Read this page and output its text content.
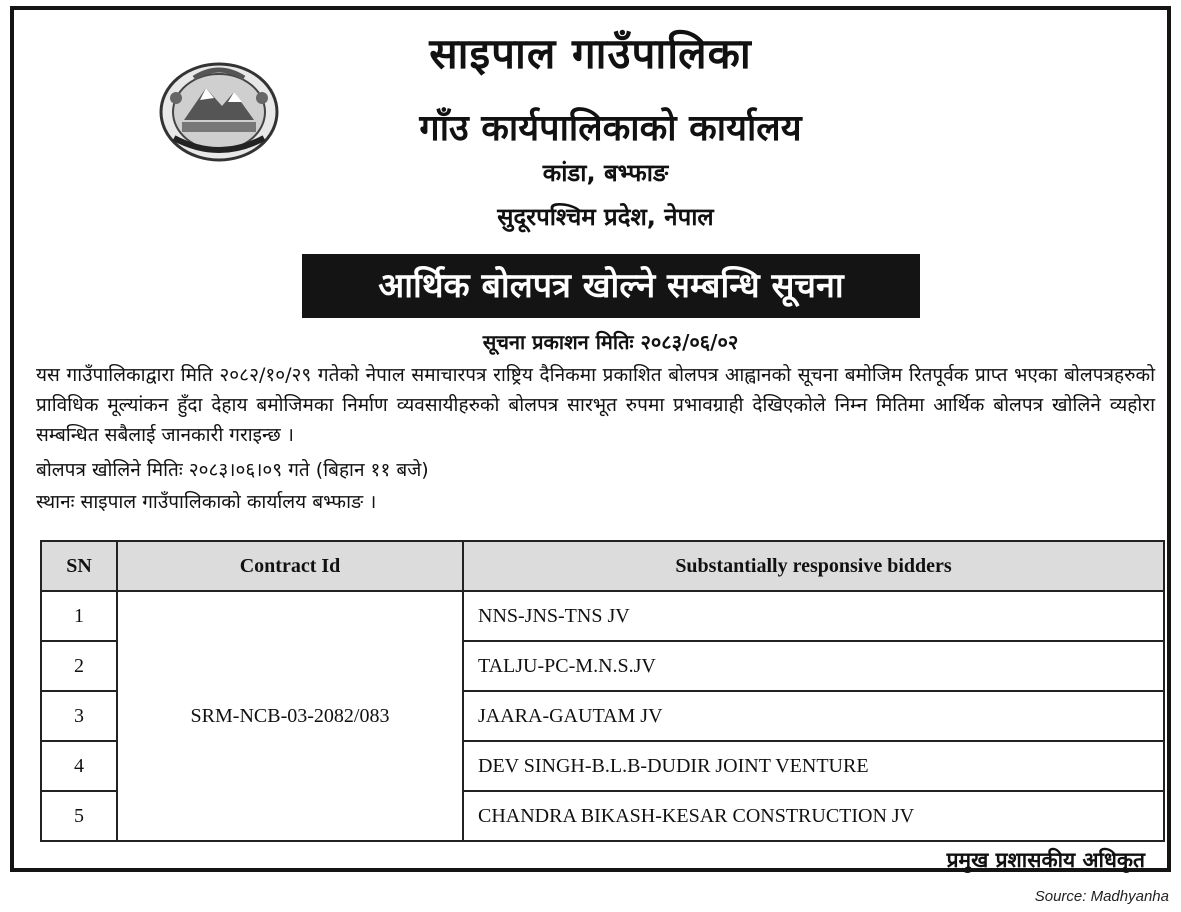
साइपाल गाउँपालिका
गाँउ कार्यपालिकाको कार्यालय
कांडा, बभ्फाङ
सुदूरपश्चिम प्रदेश, नेपाल
आर्थिक बोलपत्र खोल्ने सम्बन्धि सूचना
सूचना प्रकाशन मितिः २०८३/०६/०२
यस गाउँपालिकाद्वारा मिति २०८२/१०/२९ गतेको नेपाल समाचारपत्र राष्ट्रिय दैनिकमा प्रकाशित बोलपत्र आह्वानको सूचना बमोजिम रितपूर्वक प्राप्त भएका बोलपत्रहरुको प्राविधिक मूल्यांकन हुँदा देहाय बमोजिमका निर्माण व्यवसायीहरुको बोलपत्र सारभूत रुपमा प्रभावग्राही देखिएकोले निम्न मितिमा आर्थिक बोलपत्र खोलिने व्यहोरा सम्बन्धित सबैलाई जानकारी गराइन्छ ।
बोलपत्र खोलिने मितिः २०८३।०६।०९ गते (बिहान ११ बजे)
स्थानः साइपाल गाउँपालिकाको कार्यालय बभ्फाङ ।
SN	Contract Id	Substantially responsive bidders
1	SRM-NCB-03-2082/083	NNS-JNS-TNS JV
2		TALJU-PC-M.N.S.JV
3		JAARA-GAUTAM JV
4		DEV SINGH-B.L.B-DUDIR JOINT VENTURE
5		CHANDRA BIKASH-KESAR CONSTRUCTION JV
प्रमुख प्रशासकीय अधिकृत
Source: Madhyanha
